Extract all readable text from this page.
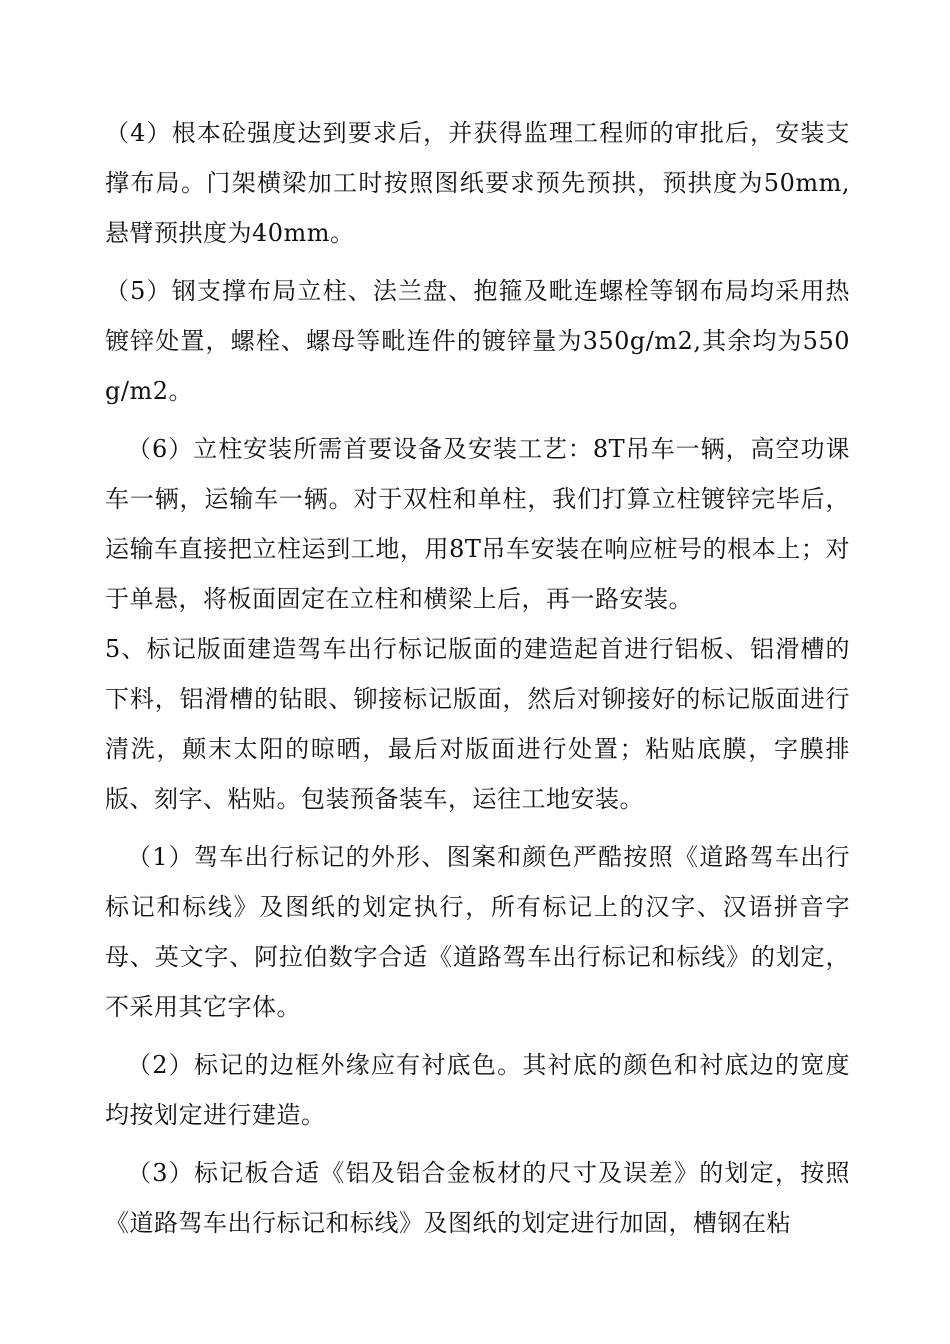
（4）根本砼强度达到要求后，并获得监理工程师的审批后，安装支撑布局。门架横梁加工时按照图纸要求预先预拱，预拱度为50mm,悬臂预拱度为40mm。

（5）钢支撑布局立柱、法兰盘、抱箍及毗连螺栓等钢布局均采用热镀锌处置，螺栓、螺母等毗连件的镀锌量为350g/m2,其余均为550g/m2。

（6）立柱安装所需首要设备及安装工艺：8T吊车一辆，高空功课车一辆，运输车一辆。对于双柱和单柱，我们打算立柱镀锌完毕后，运输车直接把立柱运到工地，用8T吊车安装在响应桩号的根本上；对于单悬，将板面固定在立柱和横梁上后，再一路安装。

5、标记版面建造驾车出行标记版面的建造起首进行铝板、铝滑槽的下料，铝滑槽的钻眼、铆接标记版面，然后对铆接好的标记版面进行清洗，颠末太阳的晾晒，最后对版面进行处置；粘贴底膜，字膜排版、刻字、粘贴。包装预备装车，运往工地安装。

（1）驾车出行标记的外形、图案和颜色严酷按照《道路驾车出行标记和标线》及图纸的划定执行，所有标记上的汉字、汉语拼音字母、英文字、阿拉伯数字合适《道路驾车出行标记和标线》的划定，不采用其它字体。

（2）标记的边框外缘应有衬底色。其衬底的颜色和衬底边的宽度均按划定进行建造。

（3）标记板合适《铝及铝合金板材的尺寸及误差》的划定，按照《道路驾车出行标记和标线》及图纸的划定进行加固，槽钢在粘
